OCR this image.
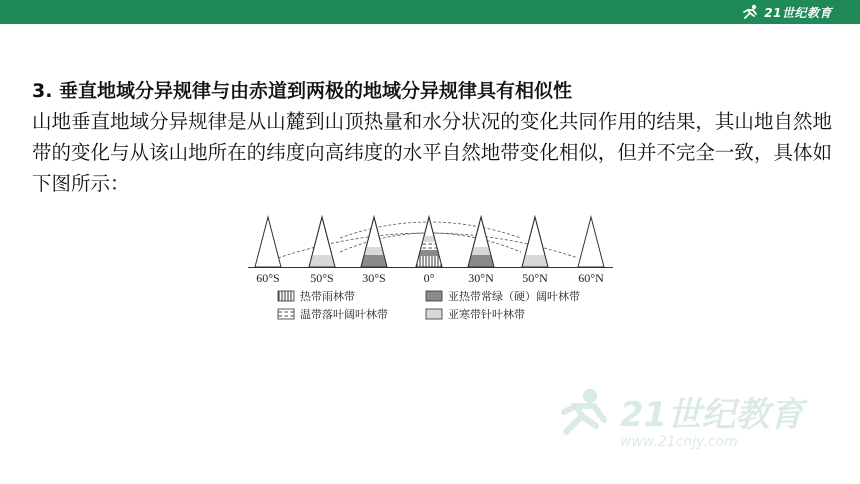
21世纪教育
3. 垂直地域分异规律与由赤道到两极的地域分异规律具有相似性
山地垂直地域分异规律是从山麓到山顶热量和水分状况的变化共同作用的结果，其山地自然地带的变化与从该山地所在的纬度向高纬度的水平自然地带变化相似，但并不完全一致，具体如下图所示：
60°S	50°S 30°S	0°	30°N 50°N	60°N
热带雨林带	亚热带常绿（硬）阔叶林带
温带落叶阔叶林带	亚寒带针叶林带
21世纪教育
www.21cnjy.com
